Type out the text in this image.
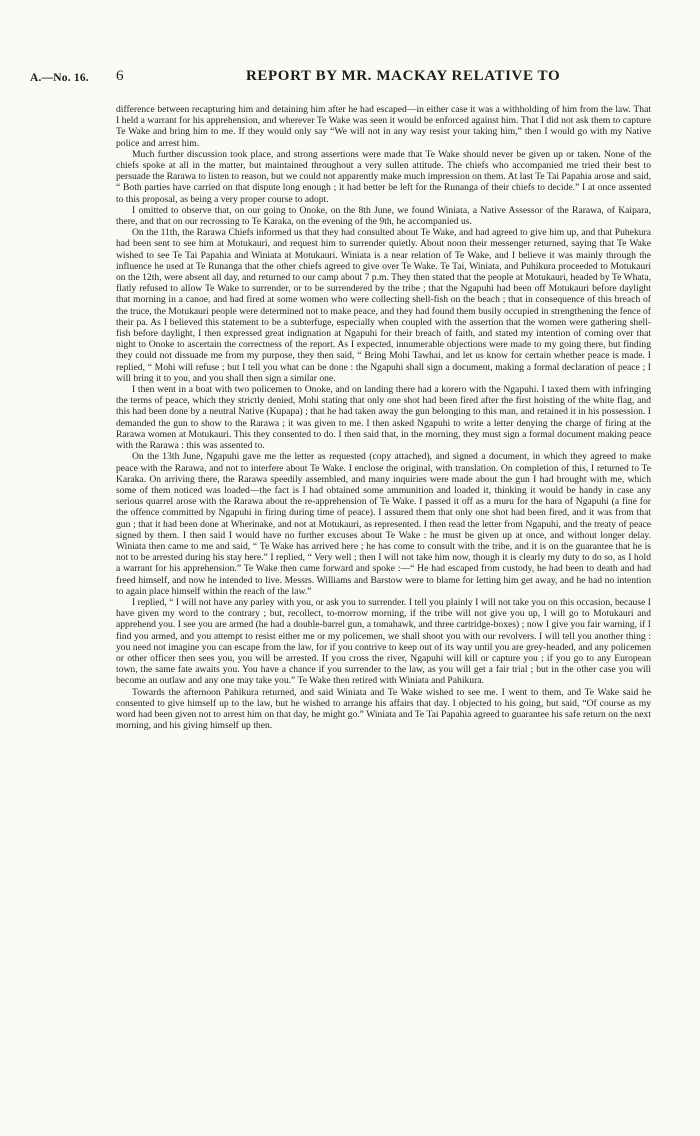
A.—No. 16. 6	REPORT BY MR. MACKAY RELATIVE TO

difference between recapturing him and detaining him after he had escaped—in either case it was a withholding of him from the law. That I held a warrant for his apprehension, and wherever Te Wake was seen it would be enforced against him. That I did not ask them to capture Te Wake and bring him to me. If they would only say “We will not in any way resist your taking him,” then I would go with my Native police and arrest him.

Much further discussion took place, and strong assertions were made that Te Wake should never be given up or taken. None of the chiefs spoke at all in the matter, but maintained throughout a very sullen attitude. The chiefs who accompanied me tried their best to persuade the Rarawa to listen to reason, but we could not apparently make much impression on them. At last Te Tai Papahia arose and said, “ Both parties have carried on that dispute long enough ; it had better be left for the Runanga of their chiefs to decide.” I at once assented to this proposal, as being a very proper course to adopt.

I omitted to observe that, on our going to Onoke, on the 8th June, we found Winiata, a Native Assessor of the Rarawa, of Kaipara, there, and that on our recrossing to Te Karaka, on the evening of the 9th, he accompanied us.

On the 11th, the Rarawa Chiefs informed us that they had consulted about Te Wake, and had agreed to give him up, and that Puhekura had been sent to see him at Motukauri, and request him to surrender quietly. About noon their messenger returned, saying that Te Wake wished to see Te Tai Papahia and Winiata at Motukauri. Winiata is a near relation of Te Wake, and I believe it was mainly through the influence he used at Te Runanga that the other chiefs agreed to give over Te Wake. Te Tai, Winiata, and Puhikura proceeded to Motukauri on the 12th, were absent all day, and returned to our camp about 7 p.m. They then stated that the people at Motukauri, headed by Te Whata, flatly refused to allow Te Wake to surrender, or to be surrendered by the tribe ; that the Ngapuhi had been off Motukauri before daylight that morning in a canoe, and had fired at some women who were collecting shell-fish on the beach ; that in consequence of this breach of the truce, the Motukauri people were determined not to make peace, and they had found them busily occupied in strengthening the fence of their pa. As I believed this statement to be a subterfuge, especially when coupled with the assertion that the women were gathering shell-fish before daylight, I then expressed great indignation at Ngapuhi for their breach of faith, and stated my intention of coming over that night to Onoke to ascertain the correctness of the report. As I expected, innumerable objections were made to my going there, but finding they could not dissuade me from my purpose, they then said, “ Bring Mohi Tawhai, and let us know for certain whether peace is made. I replied, “ Mohi will refuse ; but I tell you what can be done : the Ngapuhi shall sign a document, making a formal declaration of peace ; I will bring it to you, and you shall then sign a similar one.

I then went in a boat with two policemen to Onoke, and on landing there had a korero with the Ngapuhi. I taxed them with infringing the terms of peace, which they strictly denied, Mohi stating that only one shot had been fired after the first hoisting of the white flag, and this had been done by a neutral Native (Kupapa) ; that he had taken away the gun belonging to this man, and retained it in his possession. I demanded the gun to show to the Rarawa ; it was given to me. I then asked Ngapuhi to write a letter denying the charge of firing at the Rarawa women at Motukauri. This they consented to do. I then said that, in the morning, they must sign a formal document making peace with the Rarawa : this was assented to.

On the 13th June, Ngapuhi gave me the letter as requested (copy attached), and signed a document, in which they agreed to make peace with the Rarawa, and not to interfere about Te Wake. I enclose the original, with translation. On completion of this, I returned to Te Karaka. On arriving there, the Rarawa speedily assembled, and many inquiries were made about the gun I had brought with me, which some of them noticed was loaded—the fact is I had obtained some ammunition and loaded it, thinking it would be handy in case any serious quarrel arose with the Rarawa about the re-apprehension of Te Wake. I passed it off as a muru for the hara of Ngapuhi (a fine for the offence committed by Ngapuhi in firing during time of peace). I assured them that only one shot had been fired, and it was from that gun ; that it had been done at Wherinake, and not at Motukauri, as represented. I then read the letter from Ngapuhi, and the treaty of peace signed by them. I then said I would have no further excuses about Te Wake : he must be given up at once, and without longer delay. Winiata then came to me and said, “ Te Wake has arrived here ; he has come to consult with the tribe, and it is on the guarantee that he is not to be arrested during his stay here.” I replied, “ Very well ; then I will not take him now, though it is clearly my duty to do so, as I hold a warrant for his apprehension.” Te Wake then came forward and spoke :—“ He had escaped from custody, he had been to death and had freed himself, and now he intended to live. Messrs. Williams and Barstow were to blame for letting him get away, and he had no intention to again place himself within the reach of the law.”

I replied, “ I will not have any parley with you, or ask you to surrender. I tell you plainly I will not take you on this occasion, because I have given my word to the contrary ; but, recollect, to-morrow morning, if the tribe will not give you up, I will go to Motukauri and apprehend you. I see you are armed (he had a double-barrel gun, a tomahawk, and three cartridge-boxes) ; now I give you fair warning, if I find you armed, and you attempt to resist either me or my policemen, we shall shoot you with our revolvers. I will tell you another thing : you need not imagine you can escape from the law, for if you contrive to keep out of its way until you are grey-headed, and any policemen or other officer then sees you, you will be arrested. If you cross the river, Ngapuhi will kill or capture you ; if you go to any European town, the same fate awaits you. You have a chance if you surrender to the law, as you will get a fair trial ; but in the other case you will become an outlaw and any one may take you.” Te Wake then retired with Winiata and Pahikura.

Towards the afternoon Pahikura returned, and said Winiata and Te Wake wished to see me. I went to them, and Te Wake said he consented to give himself up to the law, but he wished to arrange his affairs that day. I objected to his going, but said, “Of course as my word had been given not to arrest him on that day, he might go.” Winiata and Te Tai Papahia agreed to guarantee his safe return on the next morning, and his giving himself up then.
